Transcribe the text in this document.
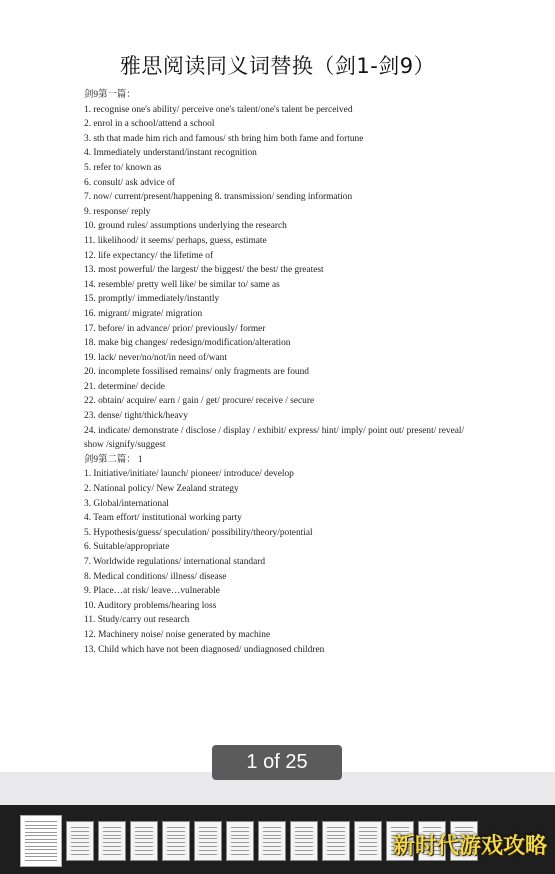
雅思阅读同义词替换（剑1-剑9）
剑9第一篇：
1. recognise one's ability/ perceive one's talent/one's talent be perceived
2. enrol in a school/attend a school
3. sth that made him rich and famous/ sth bring him both fame and fortune
4. Immediately understand/instant recognition
5. refer to/ known as
6. consult/ ask advice of
7. now/ current/present/happening 8. transmission/ sending information
9. response/ reply
10. ground rules/ assumptions underlying the research
11. likelihood/ it seems/ perhaps, guess, estimate
12. life expectancy/ the lifetime of
13. most powerful/ the largest/ the biggest/ the best/ the greatest
14. resemble/ pretty well like/ be similar to/ same as
15. promptly/ immediately/instantly
16. migrant/ migrate/ migration
17. before/ in advance/ prior/ previously/ former
18. make big changes/ redesign/modification/alteration
19. lack/ never/no/not/in need of/want
20. incomplete fossilised remains/ only fragments are found
21. determine/ decide
22. obtain/ acquire/ earn / gain / get/ procure/ receive / secure
23. dense/ tight/thick/heavy
24. indicate/ demonstrate / disclose / display / exhibit/ express/ hint/ imply/ point out/ present/ reveal/ show /signify/suggest
剑9第二篇： 1
1. Initiative/initiate/ launch/ pioneer/ introduce/ develop
2. National policy/ New Zealand strategy
3. Global/international
4. Team effort/ institutional working party
5. Hypothesis/guess/ speculation/ possibility/theory/potential
6. Suitable/appropriate
7. Worldwide regulations/ international standard
8. Medical conditions/ illness/ disease
9. Place…at risk/ leave…vulnerable
10. Auditory problems/hearing loss
11. Study/carry out research
12. Machinery noise/ noise generated by machine
13. Child which have not been diagnosed/ undiagnosed children
1 of 25
新时代游戏攻略
